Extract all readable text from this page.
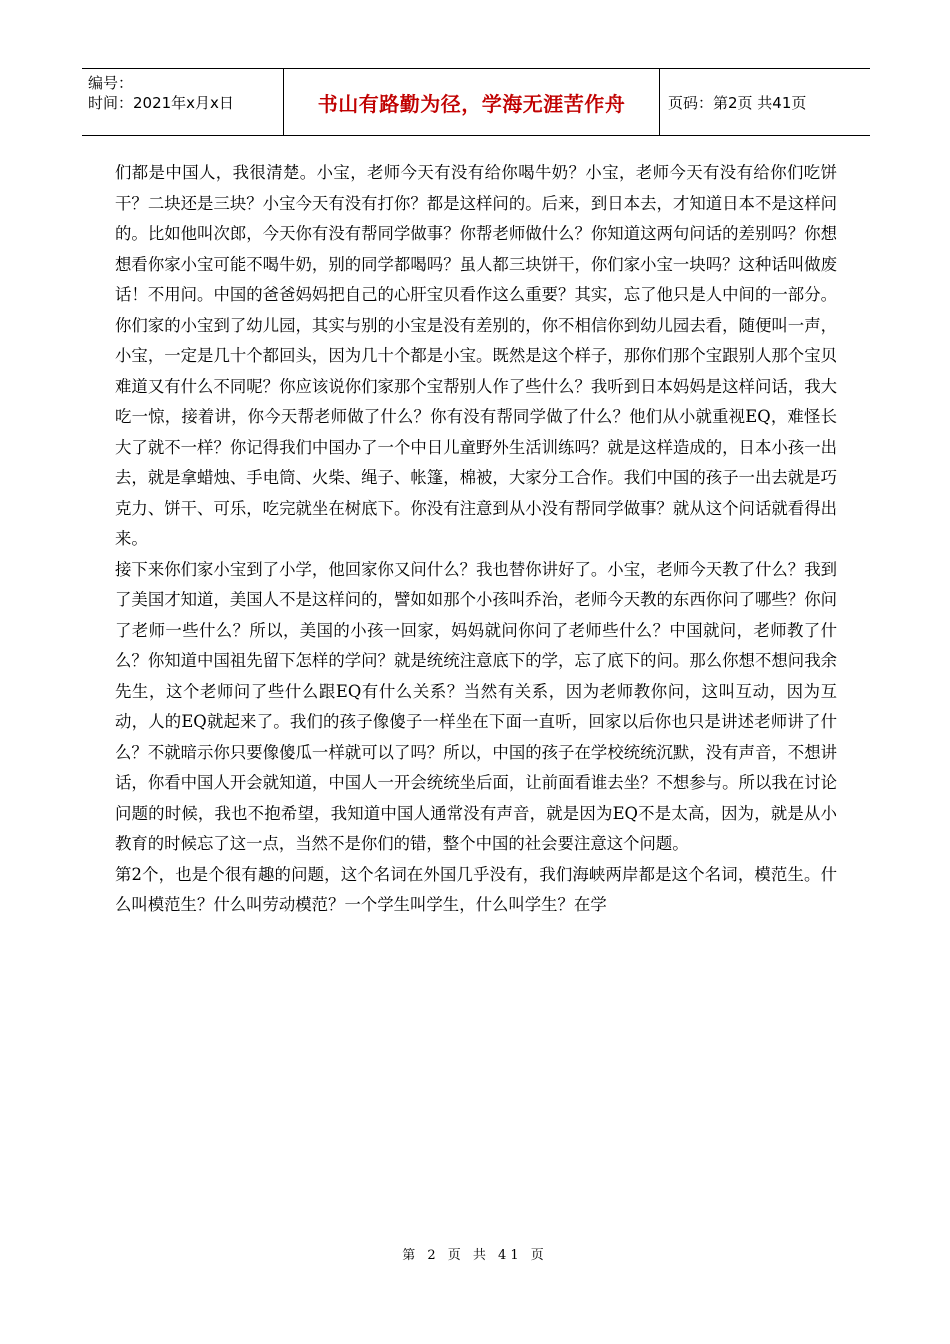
编号：
时间：2021年x月x日	书山有路勤为径，学海无涯苦作舟	页码：第2页 共41页

们都是中国人，我很清楚。小宝，老师今天有没有给你喝牛奶？小宝，老师今天有没有给你们吃饼干？二块还是三块？小宝今天有没有打你？都是这样问的。后来，到日本去，才知道日本不是这样问的。比如他叫次郎，今天你有没有帮同学做事？你帮老师做什么？你知道这两句问话的差别吗？你想想看你家小宝可能不喝牛奶，别的同学都喝吗？虽人都三块饼干，你们家小宝一块吗？这种话叫做废话！不用问。中国的爸爸妈妈把自己的心肝宝贝看作这么重要？其实，忘了他只是人中间的一部分。你们家的小宝到了幼儿园，其实与别的小宝是没有差别的，你不相信你到幼儿园去看，随便叫一声，小宝，一定是几十个都回头，因为几十个都是小宝。既然是这个样子，那你们那个宝跟别人那个宝贝难道又有什么不同呢？你应该说你们家那个宝帮别人作了些什么？我听到日本妈妈是这样问话，我大吃一惊，接着讲，你今天帮老师做了什么？你有没有帮同学做了什么？他们从小就重视EQ，难怪长大了就不一样？你记得我们中国办了一个中日儿童野外生活训练吗？就是这样造成的，日本小孩一出去，就是拿蜡烛、手电筒、火柴、绳子、帐篷，棉被，大家分工合作。我们中国的孩子一出去就是巧克力、饼干、可乐，吃完就坐在树底下。你没有注意到从小没有帮同学做事？就从这个问话就看得出来。

接下来你们家小宝到了小学，他回家你又问什么？我也替你讲好了。小宝，老师今天教了什么？我到了美国才知道，美国人不是这样问的，譬如如那个小孩叫乔治，老师今天教的东西你问了哪些？你问了老师一些什么？所以，美国的小孩一回家，妈妈就问你问了老师些什么？中国就问，老师教了什么？你知道中国祖先留下怎样的学问？就是统统注意底下的学，忘了底下的问。那么你想不想问我余先生，这个老师问了些什么跟EQ有什么关系？当然有关系，因为老师教你问，这叫互动，因为互动，人的EQ就起来了。我们的孩子像傻子一样坐在下面一直听，回家以后你也只是讲述老师讲了什么？不就暗示你只要像傻瓜一样就可以了吗？所以，中国的孩子在学校统统沉默，没有声音，不想讲话，你看中国人开会就知道，中国人一开会统统坐后面，让前面看谁去坐？不想参与。所以我在讨论问题的时候，我也不抱希望，我知道中国人通常没有声音，就是因为EQ不是太高，因为，就是从小教育的时候忘了这一点，当然不是你们的错，整个中国的社会要注意这个问题。

第2个，也是个很有趣的问题，这个名词在外国几乎没有，我们海峡两岸都是这个名词，模范生。什么叫模范生？什么叫劳动模范？一个学生叫学生，什么叫学生？在学

第 2 页 共 41 页
